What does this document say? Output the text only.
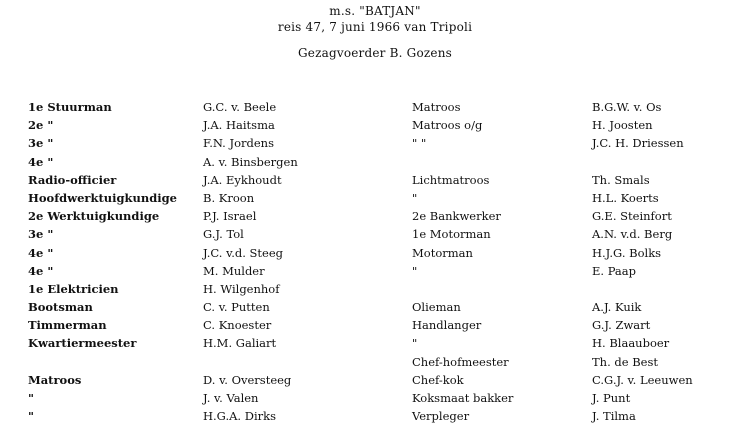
m.s. "BATJAN"
reis 47, 7 juni 1966 van Tripoli
Gezagvoerder B. Gozens
1e Stuurman
2e "
3e "
4e "
Radio-officier
Hoofdwerktuigkundige
2e Werktuigkundige
3e "
4e "
4e "
1e Elektricien
Bootsman
Timmerman
Kwartiermeester
Matroos
"
"
G.C. v. Beele
J.A. Haitsma
F.N. Jordens
A. v. Binsbergen
J.A. Eykhoudt
B. Kroon
P.J. Israel
G.J. Tol
J.C. v.d. Steeg
M. Mulder
H. Wilgenhof
C. v. Putten
C. Knoester
H.M. Galiart
D. v. Oversteeg
J. v. Valen
H.G.A. Dirks
Matroos
Matroos o/g
" "
Lichtmatroos
"
2e Bankwerker
1e Motorman
Motorman
"
Olieman
Handlanger
"
Chef-hofmeester
Chef-kok
Koksmaat bakker
Verpleger
B.G.W. v. Os
H. Joosten
J.C. H. Driessen
Th. Smals
H.L. Koerts
G.E. Steinfort
A.N. v.d. Berg
H.J.G. Bolks
E. Paap
A.J. Kuik
G.J. Zwart
H. Blaauboer
Th. de Best
C.G.J. v. Leeuwen
J. Punt
J. Tilma
